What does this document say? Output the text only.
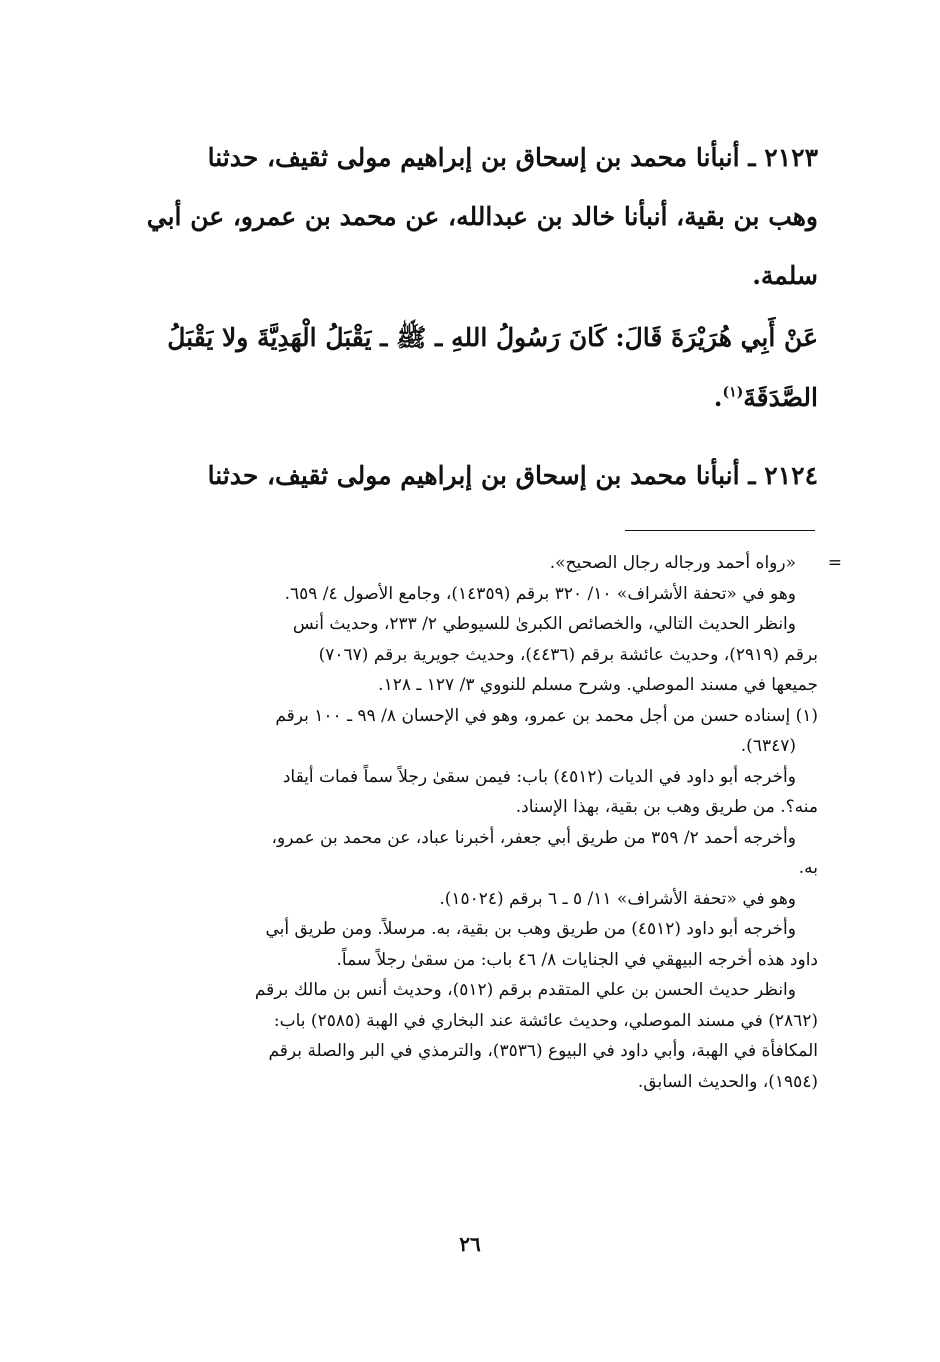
٢١٢٣ ـ أنبأنا محمد بن إسحاق بن إبراهيم مولى ثقيف، حدثنا

وهب بن بقية، أنبأنا خالد بن عبدالله، عن محمد بن عمرو، عن أبي

سلمة.

عَنْ أَبِي هُرَيْرَةَ قَالَ: كَانَ رَسُولُ اللهِ ـ ﷺ ـ يَقْبَلُ الْهَدِيَّةَ ولا يَقْبَلُ

الصَّدَقَةَ$^{(١)}$.

٢١٢٤ ـ أنبأنا محمد بن إسحاق بن إبراهيم مولى ثقيف، حدثنا

=
«رواه أحمد ورجاله رجال الصحيح».

وهو في «تحفة الأشراف» ١٠/ ٣٢٠ برقم (١٤٣٥٩)، وجامع الأصول ٤/ ٦٥٩.

وانظر الحديث التالي، والخصائص الكبرىٰ للسيوطي ٢/ ٢٣٣، وحديث أنس

برقم (٢٩١٩)، وحديث عائشة برقم (٤٤٣٦)، وحديث جويرية برقم (٧٠٦٧)

جميعها في مسند الموصلي. وشرح مسلم للنووي ٣/ ١٢٧ ـ ١٢٨.

(١) إسناده حسن من أجل محمد بن عمرو، وهو في الإحسان ٨/ ٩٩ ـ ١٠٠ برقم

(٦٣٤٧).

وأخرجه أبو داود في الديات (٤٥١٢) باب: فيمن سقىٰ رجلاً سماً فمات أيقاد

منه؟. من طريق وهب بن بقية، بهذا الإسناد.

وأخرجه أحمد ٢/ ٣٥٩ من طريق أبي جعفر، أخبرنا عباد، عن محمد بن عمرو،

به.

وهو في «تحفة الأشراف» ١١/ ٥ ـ ٦ برقم (١٥٠٢٤).

وأخرجه أبو داود (٤٥١٢) من طريق وهب بن بقية، به. مرسلاً. ومن طريق أبي

داود هذه أخرجه البيهقي في الجنايات ٨/ ٤٦ باب: من سقىٰ رجلاً سماً.

وانظر حديث الحسن بن علي المتقدم برقم (٥١٢)، وحديث أنس بن مالك برقم

(٢٨٦٢) في مسند الموصلي، وحديث عائشة عند البخاري في الهبة (٢٥٨٥) باب:

المكافأة في الهبة، وأبي داود في البيوع (٣٥٣٦)، والترمذي في البر والصلة برقم

(١٩٥٤)، والحديث السابق.

٢٦
